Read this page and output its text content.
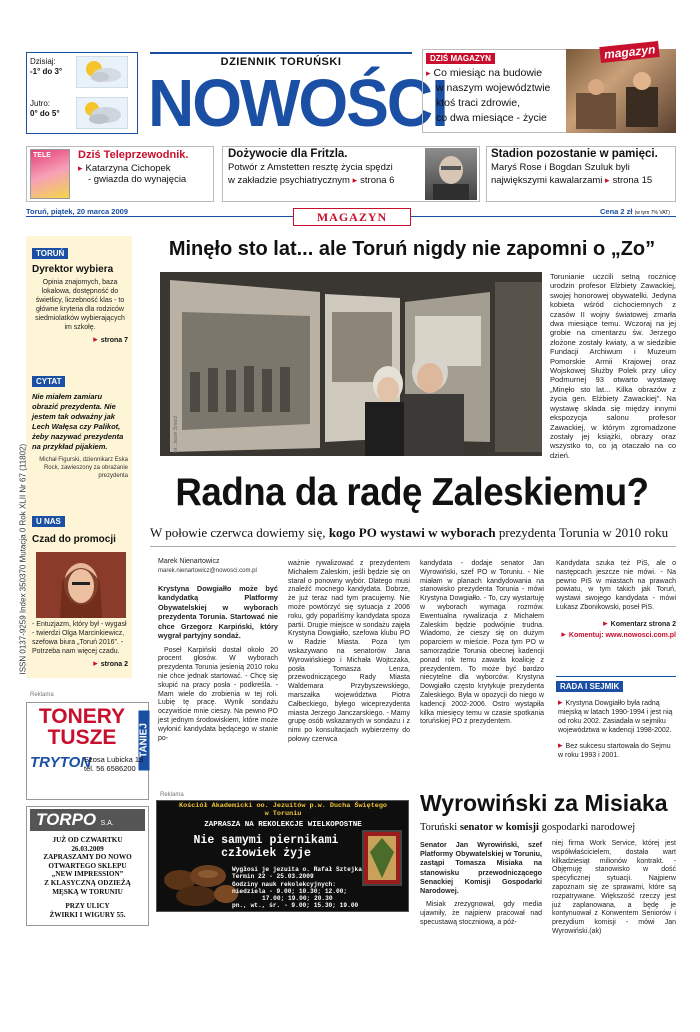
Dzisiaj:
-1° do 3°
Jutro:
0° do 5°
DZIENNIK TORUŃSKI
NOWOŚCI
DZIŚ MAGAZYN
▸ Co miesiąc na budowie
w naszym województwie
ktoś traci zdrowie,
co dwa miesiące - życie
magazyn
TELE	Dziś Teleprzewodnik.
▸ Katarzyna Cichopek
- gwiazda do wynajęcia
Dożywocie dla Fritzla.
Potwór z Amstetten resztę życia spędzi
w zakładzie psychiatrycznym ▸ strona 6
Stadion pozostanie w pamięci.
Maryś Rose i Bogdan Szuluk byli
największymi kawalarzami ▸ strona 15
Toruń, piątek, 20 marca 2009	MAGAZYN	Cena 2 zł (w tym 7% VAT)
ISSN 0137-9259 Index 350370 Mutacja 0 Rok XLII Nr 67 (11802)
TORUŃ
Dyrektor wybiera
Opinia znajomych, baza lokalowa, dostępność do świetlicy, liczebność klas - to główne kryteria dla rodziców siedmiolatków wybierających im szkołę.
▸ strona 7
CYTAT
Nie miałem zamiaru obrazić prezydenta. Nie jestem tak odważny jak Lech Wałęsa czy Palikot, żeby nazywać prezydenta na przykład pijakiem.
Michał Figurski, dziennikarz Eska Rock, zawieszony za obrażanie prezydenta
U NAS
Czad do promocji
- Entuzjazm, który był - wygasł - twierdzi Olga Marcinkiewicz, szefowa biura „Toruń 2016”. - Potrzeba nam więcej czadu.
▸ strona 2
Minęło sto lat... ale Toruń nigdy nie zapomni o „Zo”
fot. Jacek Smarż
Torunianie uczcili setną rocznicę urodzin profesor Elżbiety Zawackiej, swojej honorowej obywatelki. Jedyna kobieta wśród cichociemnych z czasów II wojny światowej zmarła dwa miesiące temu. Wczoraj na jej grobie na cmentarzu św. Jerzego złożone zostały kwiaty, a w siedzibie Fundacji Archiwum i Muzeum Pomorskie Armii Krajowej oraz Wojskowej Służby Polek przy ulicy Podmurnej 93 otwarto wystawę „Minęło sto lat... Kilka obrazów z życia gen. Elżbiety Zawackiej”. Na wystawę składa się między innymi ekspozycja salonu profesor Zawackiej, w którym zgromadzone zostały jej książki, obrazy oraz wszystko to, co ją otaczało na co dzień.
Radna da radę Zaleskiemu?
W połowie czerwca dowiemy się, kogo PO wystawi w wyborach prezydenta Torunia w 2010 roku
Marek Nienartowicz
marek.nienartowicz@nowosci.com.pl
Krystyna Dowgiałło może być kandydatką Platformy Obywatelskiej w wyborach prezydenta Torunia. Startować nie chce Grzegorz Karpiński, który wygrał partyjny sondaż.
Poseł Karpiński dostał około 20 procent głosów. W wyborach prezydenta Torunia jesienią 2010 roku nie chce jednak startować. - Chcę się skupić na pracy posła - podkreśla. - Mam wiele do zrobienia w tej roli. Lubię tę pracę. Wynik sondażu oczywiście mnie cieszy. Na pewno PO jest jednym środowiskiem, które może wyłonić kandydata będącego w stanie po-
ważnie rywalizować z prezydentem Michałem Zaleskim, jeśli będzie się on starał o ponowny wybór. Dlatego musi znaleźć mocnego kandydata. Dobrze, że już teraz nad tym pracujemy. Nie może powtórzyć się sytuacja z 2006 roku, gdy poparliśmy kandydata spoza partii. Drugie miejsce w sondażu zajęła Krystyna Dowgiałło, szefowa klubu PO w Radzie Miasta. Poza tym wskazywano na senatorów Jana Wyrowińskiego i Michała Wojtczaka, posła Tomasza Lenza, przewodniczącego Rady Miasta Waldemara Przybyszewskiego, marszałka województwa Piotra Całbeckiego, byłego wiceprezydenta miasta Jerzego Janczarskiego. - Mamy grupę osób wskazanych w sondażu i z nimi po konsultacjach wybierzemy do połowy czerwca
kandydata - dodaje senator Jan Wyrowiński, szef PO w Toruniu. - Nie miałam w planach kandydowania na stanowisko prezydenta Torunia - mówi Krystyna Dowgiałło. - To, czy wystartuję w wyborach wymaga rozmów. Ewentualna rywalizacja z Michałem Zaleskim będzie podwójnie trudna. Wiadomo, że cieszy się on dużym poparciem w mieście. Poza tym PO w samorządzie Torunia obecnej kadencji ponad rok temu zawarła koalicję z prezydentem. To może być bardzo niecytelne dla wyborców. Krystyna Dowgiałło często krytykuje prezydenta Zaleskiego. Była w opozycji do niego w kadencji 2002-2006. Ostro wystąpiła kilka miesięcy temu w czasie spotkania toruńskiej PO z prezydentem.
Kandydata szuka też PiS, ale o następcach jeszcze nie mówi. - Na pewno PiS w miastach na prawach powiatu, w tym takich jak Toruń, wystawi swojego kandydata - mówi Łukasz Zbonikowski, poseł PiS.
▸ Komentarz strona 2
▸ Komentuj: www.nowosci.com.pl
RADA I SEJMIK
▸ Krystyna Dowgiałło była radną miejską w latach 1990-1994 i jest nią od roku 2002. Zasiadała w sejmiku województwa w kadencji 1998-2002.
▸ Bez sukcesu startowała do Sejmu w roku 1993 i 2001.
Reklama
TONERY
TUSZE	TANIEJ
TRYTON
Szosa Lubicka 13
tel. 56 6586200
TORPO S.A.
JUŻ OD CZWARTKU
26.03.2009
ZAPRASZAMY DO NOWO
OTWARTEGO SKLEPU
„NEW IMPRESSION”
Z KLASYCZNĄ ODZIEŻĄ
MĘSKĄ W TORUNIU
PRZY ULICY
ŻWIRKI I WIGURY 55.
Reklama
Kościół Akademicki oo. Jezuitów p.w. Ducha Świętego
w Toruniu
ZAPRASZA NA REKOLEKCJE WIELKOPOSTNE
Nie samymi piernikami
człowiek żyje
Wygłosi je jezuita o. Rafał Sztejka
Termin 22 - 25.03.2009
Godziny nauk rekolekcyjnych:
niedziela - 9.00; 10.30; 12.00;
17.00; 19.00; 20.30
pn., wt., śr. - 9.00; 15.30; 19.00
Wyrowiński za Misiaka
Toruński senator w komisji gospodarki narodowej
Senator Jan Wyrowiński, szef Platformy Obywatelskiej w Toruniu, zastąpi Tomasza Misiaka na stanowisku przewodniczącego Senackiej Komisji Gospodarki Narodowej.
Misiak zrezygnował, gdy media ujawniły, że najpierw pracował nad specustawą stoczniową, a póź-
niej firma Work Service, której jest współwłaścicielem, dostała wart kilkadziesiąt milionów kontrakt. - Objęmuję stanowisko w dość specyficznej sytuacji. Najpierw zapoznam się ze sprawami, które są rozpatrywane. Większość rzeczy jest już zaplanowana, a będę je kontynuował z Konwentem Seniorów i prezydium komisji - mówi Jan Wyrowiński.(ak)
